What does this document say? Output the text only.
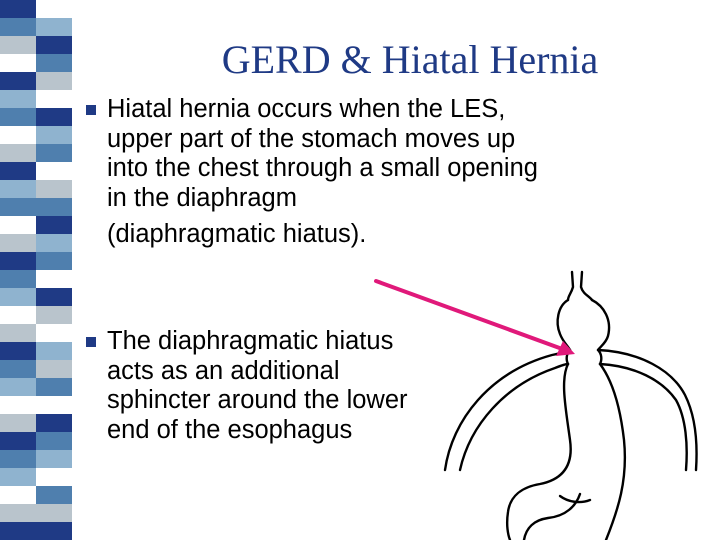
GERD & Hiatal Hernia
Hiatal hernia occurs when the LES,
upper part of the stomach moves up
into the chest through a small opening
in the diaphragm
(diaphragmatic hiatus).
The diaphragmatic hiatus
acts as an additional
sphincter around the lower
end of the esophagus
